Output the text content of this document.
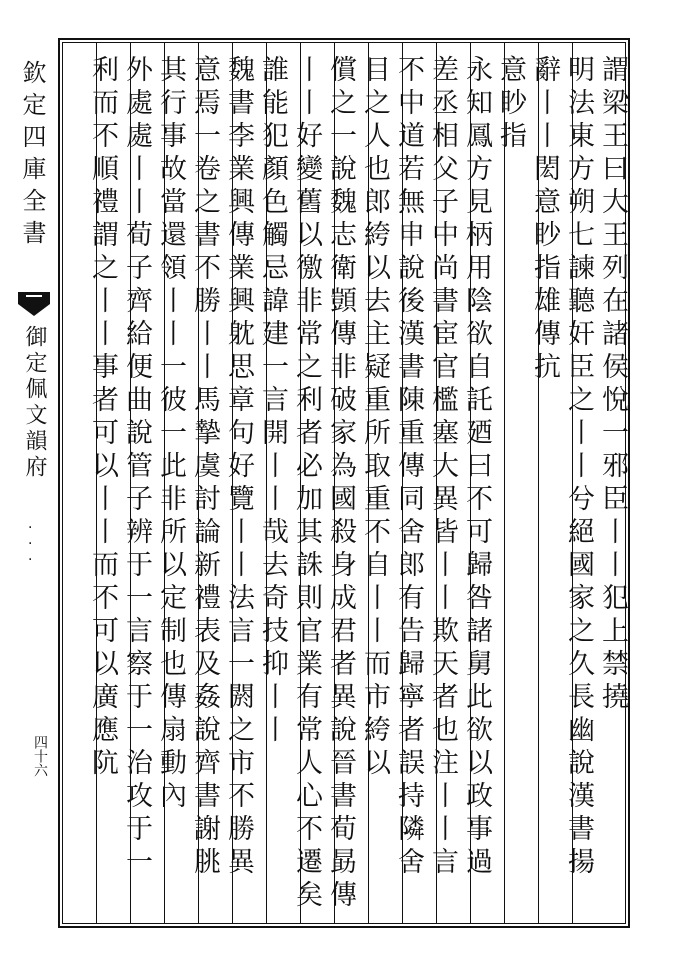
欽定四庫全書
御定佩文韻府
·
·
·
四十六
謂梁王曰大王列在諸侯悅一邪臣丨丨犯上禁撓
明法東方朔七諫聽奸臣之丨丨兮絕國家之久長幽說漢書揚
辭丨丨閎意眇指雄傳抗
意眇指
永知鳳方見柄用陰欲自託廼曰不可歸咎諸舅此欲以政事過
差丞相父子中尚書宦官檻塞大異皆丨丨欺天者也注丨丨言
不中道若無申說後漢書陳重傳同舍郎有告歸寧者誤持隣舍
目之人也郎絝以去主疑重所取重不自丨丨而市絝以
償之一說魏志衛顗傳非破家為國殺身成君者異說晉書荀勗傳
丨丨好變舊以徼非常之利者必加其誅則官業有常人心不遷矣
誰能犯顏色觸忌諱建一言開丨丨哉去奇技抑丨丨
魏書李業興傳業興躭思章句好覽丨丨法言一閼之市不勝異
意焉一卷之書不勝丨丨馬摯虞討論新禮表及姦說齊書謝朓
其行事故當還領丨丨一彼一此非所以定制也傳扇動內
外處處丨丨荀子齊給便曲說管子辨于一言察于一治攻于一
利而不順禮謂之丨丨事者可以丨丨而不可以廣應阬
